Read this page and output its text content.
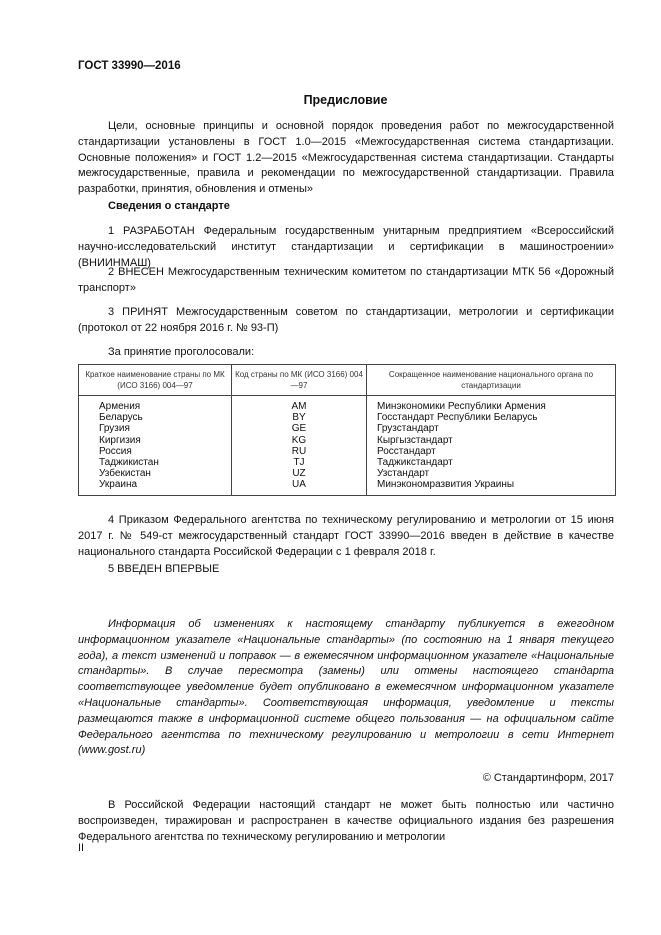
ГОСТ 33990—2016
Предисловие
Цели, основные принципы и основной порядок проведения работ по межгосударственной стандартизации установлены в ГОСТ 1.0—2015 «Межгосударственная система стандартизации. Основные положения» и ГОСТ 1.2—2015 «Межгосударственная система стандартизации. Стандарты межгосударственные, правила и рекомендации по межгосударственной стандартизации. Правила разработки, принятия, обновления и отмены»
Сведения о стандарте
1 РАЗРАБОТАН Федеральным государственным унитарным предприятием «Всероссийский научно-исследовательский институт стандартизации и сертификации в машиностроении» (ВНИИНМАШ)
2 ВНЕСЕН Межгосударственным техническим комитетом по стандартизации МТК 56 «Дорожный транспорт»
3 ПРИНЯТ Межгосударственным советом по стандартизации, метрологии и сертификации (протокол от 22 ноября 2016 г. № 93-П)
За принятие проголосовали:
Краткое наименование страны по МК (ИСО 3166) 004—97	Код страны по МК (ИСО 3166) 004—97	Сокращенное наименование национального органа по стандартизации
Армения	AM	Минэкономики Республики Армения
Беларусь	BY	Госстандарт Республики Беларусь
Грузия	GE	Грузстандарт
Киргизия	KG	Кыргызстандарт
Россия	RU	Росстандарт
Таджикистан	TJ	Таджикстандарт
Узбекистан	UZ	Узстандарт
Украина	UA	Минэкономразвития Украины
4 Приказом Федерального агентства по техническому регулированию и метрологии от 15 июня 2017 г. № 549-ст межгосударственный стандарт ГОСТ 33990—2016 введен в действие в качестве национального стандарта Российской Федерации с 1 февраля 2018 г.
5 ВВЕДЕН ВПЕРВЫЕ
Информация об изменениях к настоящему стандарту публикуется в ежегодном информационном указателе «Национальные стандарты» (по состоянию на 1 января текущего года), а текст изменений и поправок — в ежемесячном информационном указателе «Национальные стандарты». В случае пересмотра (замены) или отмены настоящего стандарта соответствующее уведомление будет опубликовано в ежемесячном информационном указателе «Национальные стандарты». Соответствующая информация, уведомление и тексты размещаются также в информационной системе общего пользования — на официальном сайте Федерального агентства по техническому регулированию и метрологии в сети Интернет (www.gost.ru)
© Стандартинформ, 2017
В Российской Федерации настоящий стандарт не может быть полностью или частично воспроизведен, тиражирован и распространен в качестве официального издания без разрешения Федерального агентства по техническому регулированию и метрологии
II
